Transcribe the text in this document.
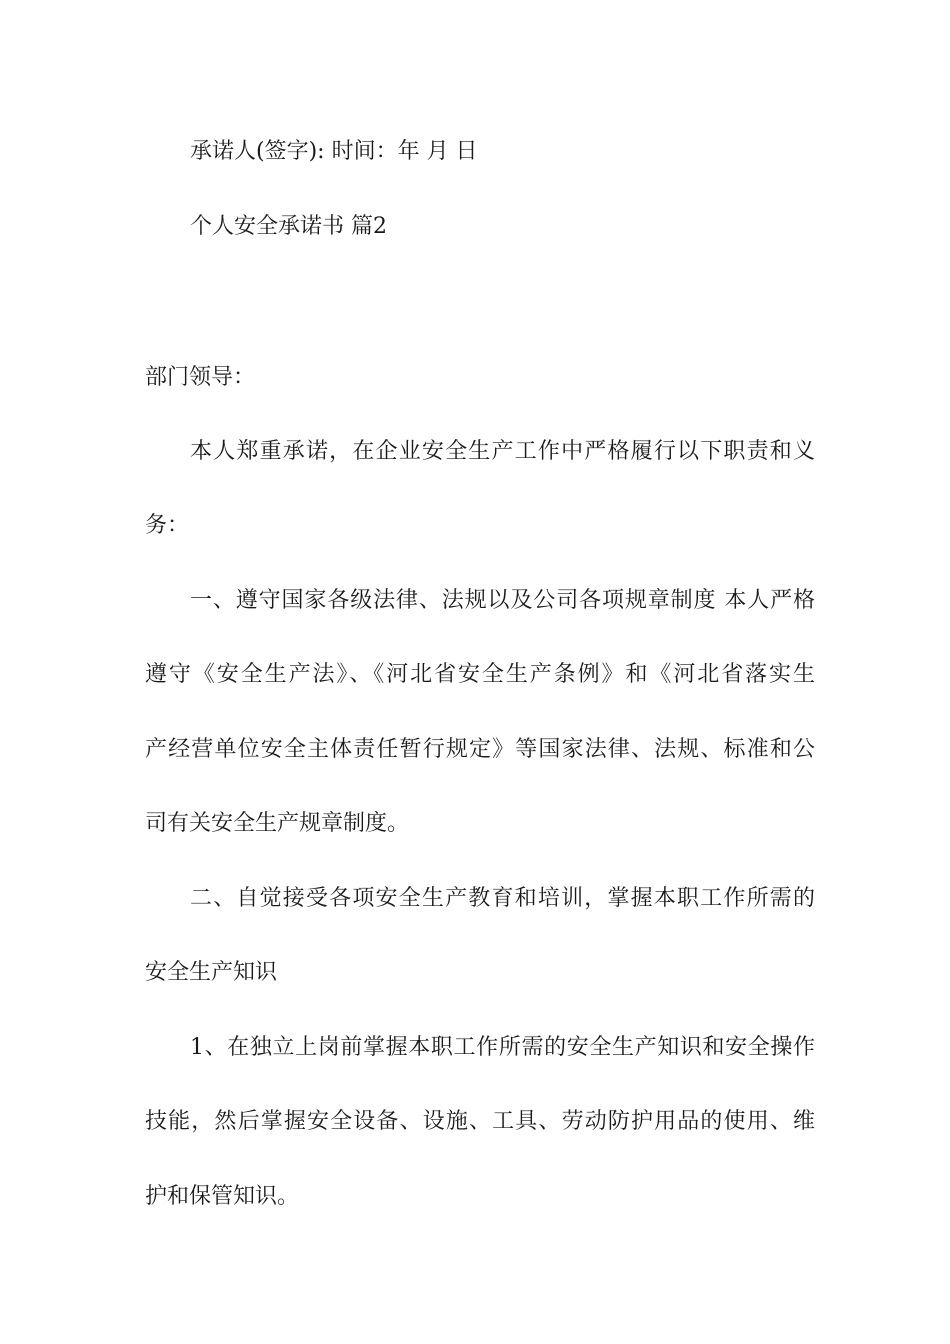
承诺人(签字): 时间：年 月 日
个人安全承诺书 篇2
部门领导：
本人郑重承诺，在企业安全生产工作中严格履行以下职责和义
务：
一、遵守国家各级法律、法规以及公司各项规章制度 本人严格
遵守《安全生产法》、《河北省安全生产条例》和《河北省落实生
产经营单位安全主体责任暂行规定》等国家法律、法规、标准和公
司有关安全生产规章制度。
二、自觉接受各项安全生产教育和培训，掌握本职工作所需的
安全生产知识
1、在独立上岗前掌握本职工作所需的安全生产知识和安全操作
技能，然后掌握安全设备、设施、工具、劳动防护用品的使用、维
护和保管知识。
